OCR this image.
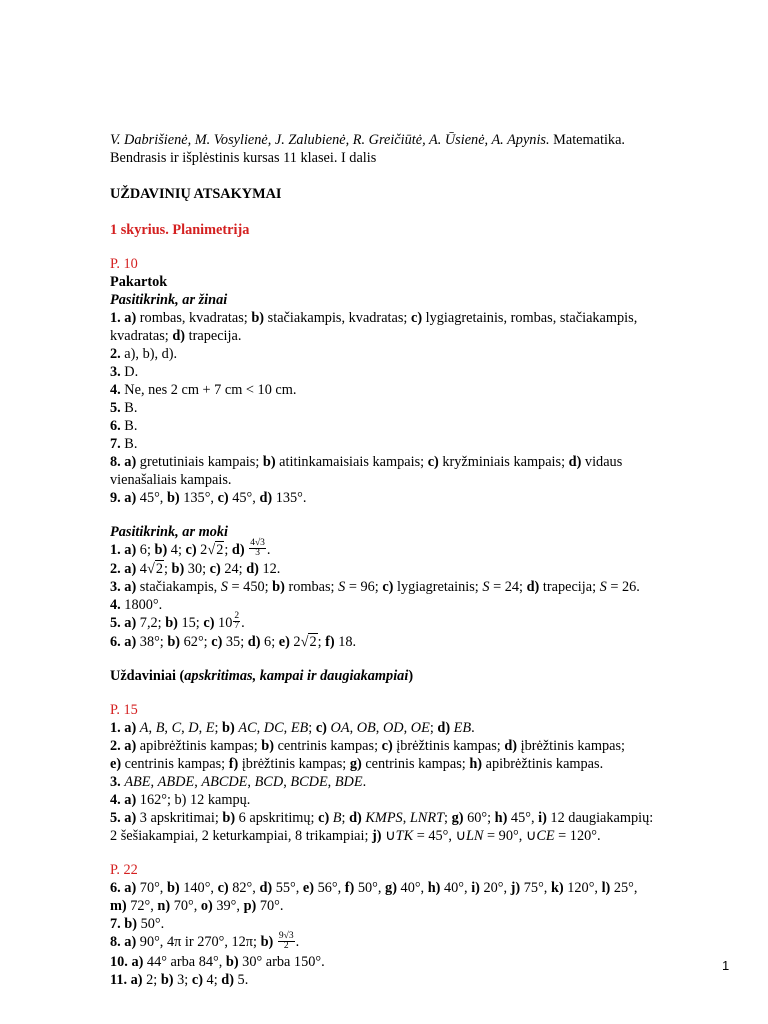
V. Dabrišienė, M. Vosylienė, J. Zalubienė, R. Greičiūtė, A. Ūsienė, A. Apynis. Matematika.
Bendrasis ir išplėstinis kursas 11 klasei. I dalis
UŽDAVINIŲ ATSAKYMAI
1 skyrius. Planimetrija
P. 10
Pakartok
Pasitikrink, ar žinai
1. a) rombas, kvadratas; b) stačiakampis, kvadratas; c) lygiagretainis, rombas, stačiakampis,
kvadratas; d) trapecija.
2. a), b), d).
3. D.
4. Ne, nes 2 cm + 7 cm < 10 cm.
5. B.
6. B.
7. B.
8. a) gretutiniais kampais; b) atitinkamaisiais kampais; c) kryžminiais kampais; d) vidaus
vienašaliais kampais.
9. a) 45°, b) 135°, c) 45°, d) 135°.
Pasitikrink, ar moki
1. a) 6; b) 4; c) 2√2; $d) \frac{4√3}{3}$ .
2. a) 4√2; b) 30; c) 24; d) 12.
3. a) stačiakampis, S = 450; b) rombas; S = 96; c) lygiagretainis; S = 24; d) trapecija; S = 26.
4. 1800°.
5. a) 7,2; b) 15; c) $10 \frac{2}{7}$ .
6. a) 38°; b) 62°; c) 35; d) 6; e) 2√2; f) 18.
Uždaviniai (apskritimas, kampai ir daugiakampiai)
P. 15
1. a) A, B, C, D, E; b) AC, DC, EB; c) OA, OB, OD, OE; d) EB.
2. a) apibrėžtinis kampas; b) centrinis kampas; c) įbrėžtinis kampas; d) įbrėžtinis kampas;
e) centrinis kampas; f) įbrėžtinis kampas; g) centrinis kampas; h) apibrėžtinis kampas.
3. ABE, ABDE, ABCDE, BCD, BCDE, BDE.
4. a) 162°; b) 12 kampų.
5. a) 3 apskritimai; b) 6 apskritimų; c) B; d) KMPS, LNRT; g) 60°; h) 45°, i) 12 daugiakampių:
2 šešiakampiai, 2 keturkampiai, 8 trikampiai; j) ∪TK = 45°, ∪LN = 90°, ∪CE = 120°.
P. 22
6. a) 70°, b) 140°, c) 82°, d) 55°, e) 56°, f) 50°, g) 40°, h) 40°, i) 20°, j) 75°, k) 120°, l) 25°,
m) 72°, n) 70°, o) 39°, p) 70°.
7. b) 50°.
8. a) 90°, 4π ir 270°, 12π; $b) \frac{9√3}{2}$ .
10. a) 44° arba 84°, b) 30° arba 150°.
11. a) 2; b) 3; c) 4; d) 5.
1
